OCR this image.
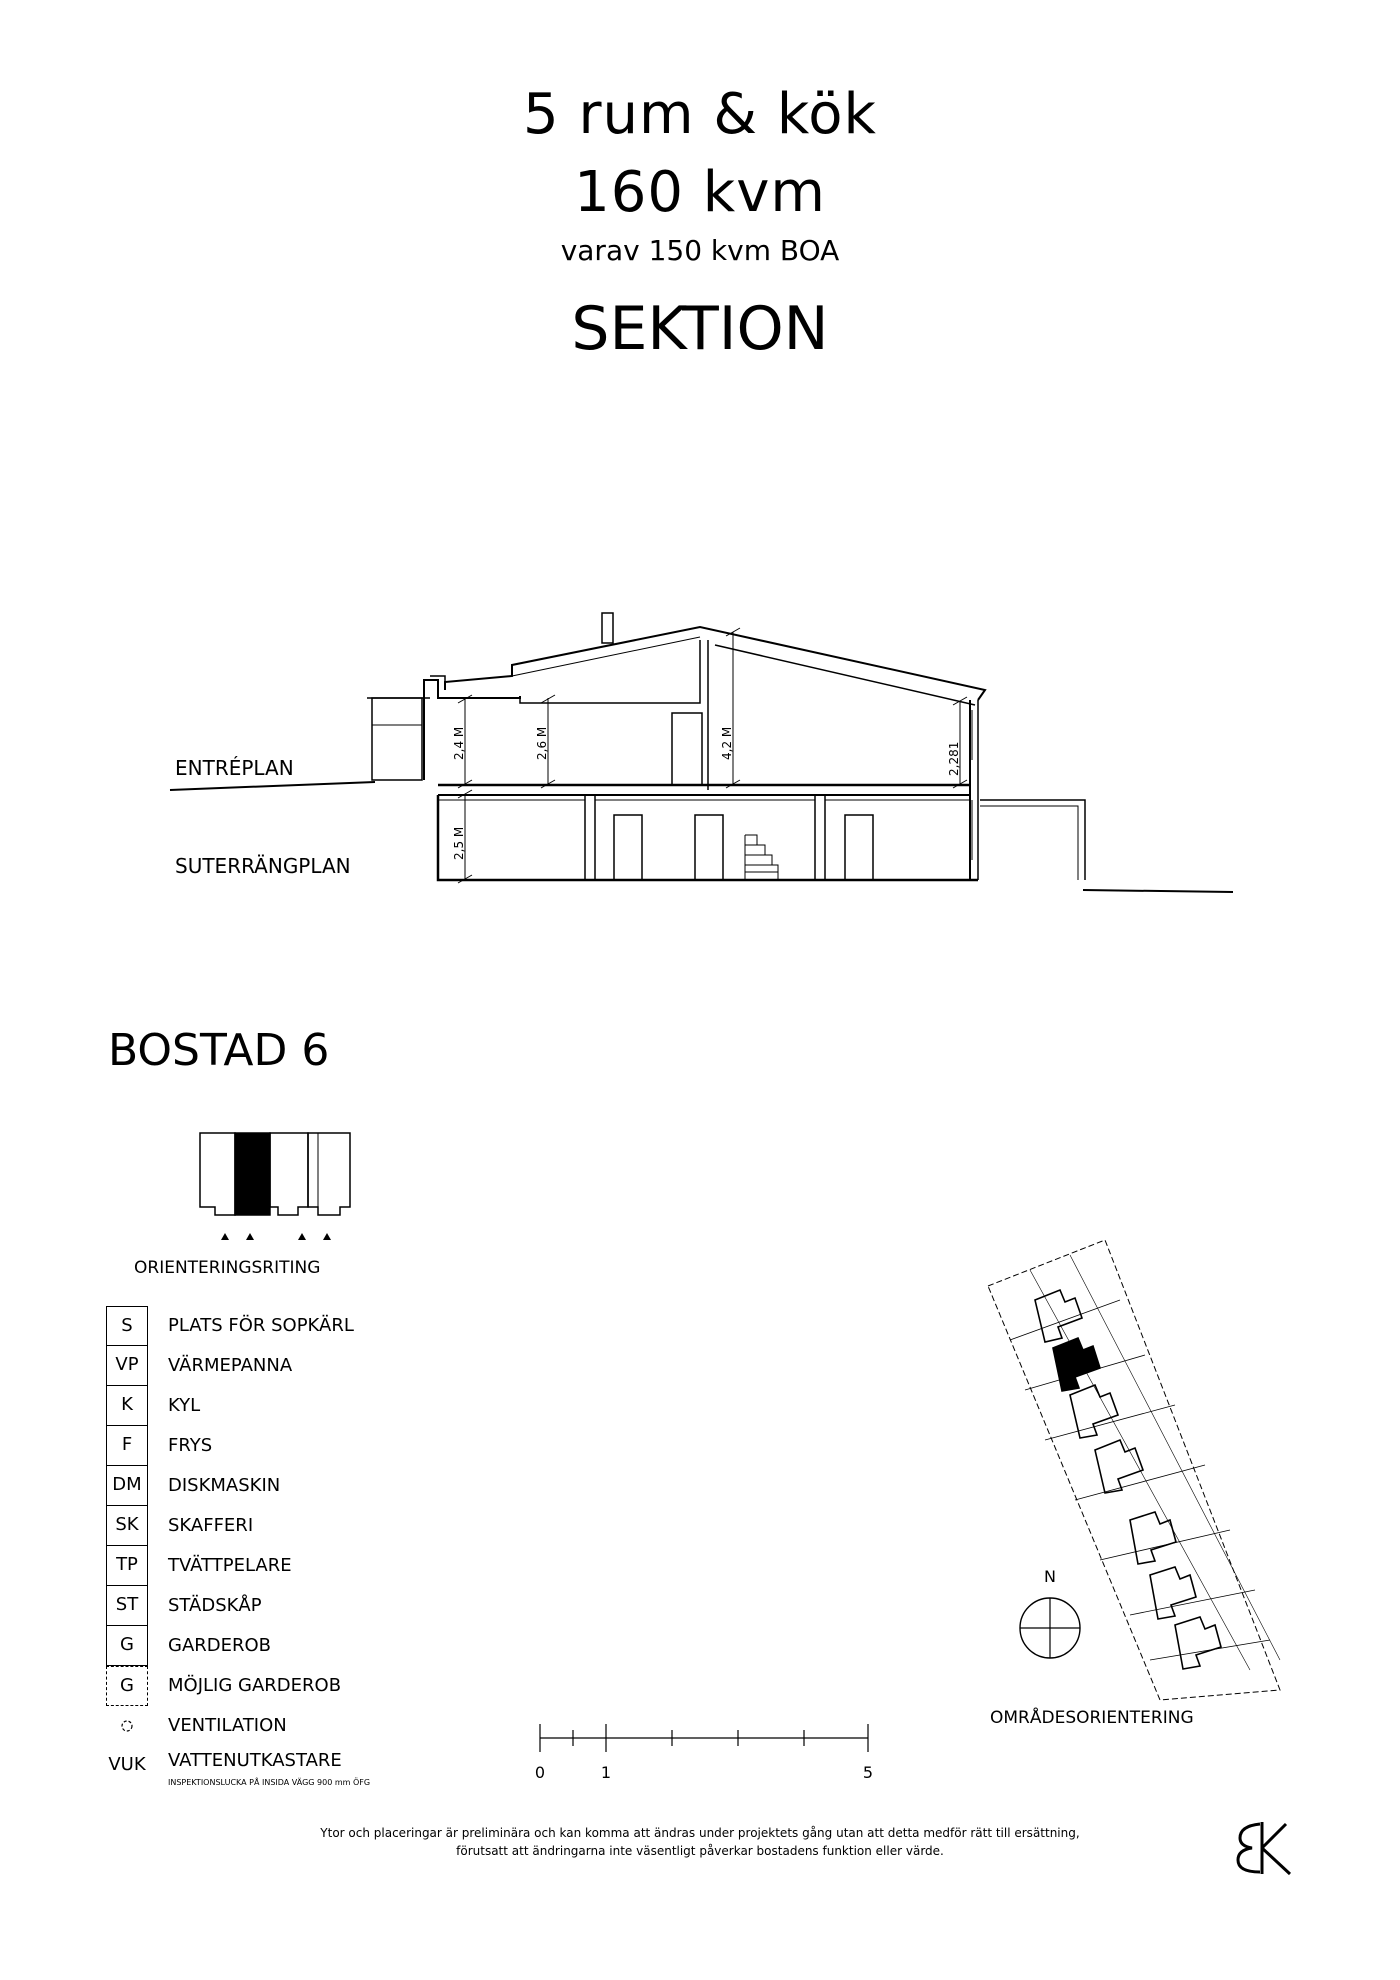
5 rum & kök
160 kvm
varav 150 kvm BOA
SEKTION
2,4 M	2,6 M	4,2 M	2,281
2,5 M
ENTRÉPLAN
SUTERRÄNGPLAN
BOSTAD 6
ORIENTERINGSRITING
S	PLATS FÖR SOPKÄRL
VP	VÄRMEPANNA
K	KYL
F	FRYS
DM	DISKMASKIN
SK	SKAFFERI
TP	TVÄTTPELARE
ST	STÄDSKÅP
G	GARDEROB
G	MÖJLIG GARDEROB
VENTILATION
VUK VATTENUTKASTARE
INSPEKTIONSLUCKA PÅ INSIDA VÄGG 900 mm ÖFG
0	1	5
N
OMRÅDESORIENTERING
Ytor och placeringar är preliminära och kan komma att ändras under projektets gång utan att detta medför rätt till ersättning,
förutsatt att ändringarna inte väsentligt påverkar bostadens funktion eller värde.
